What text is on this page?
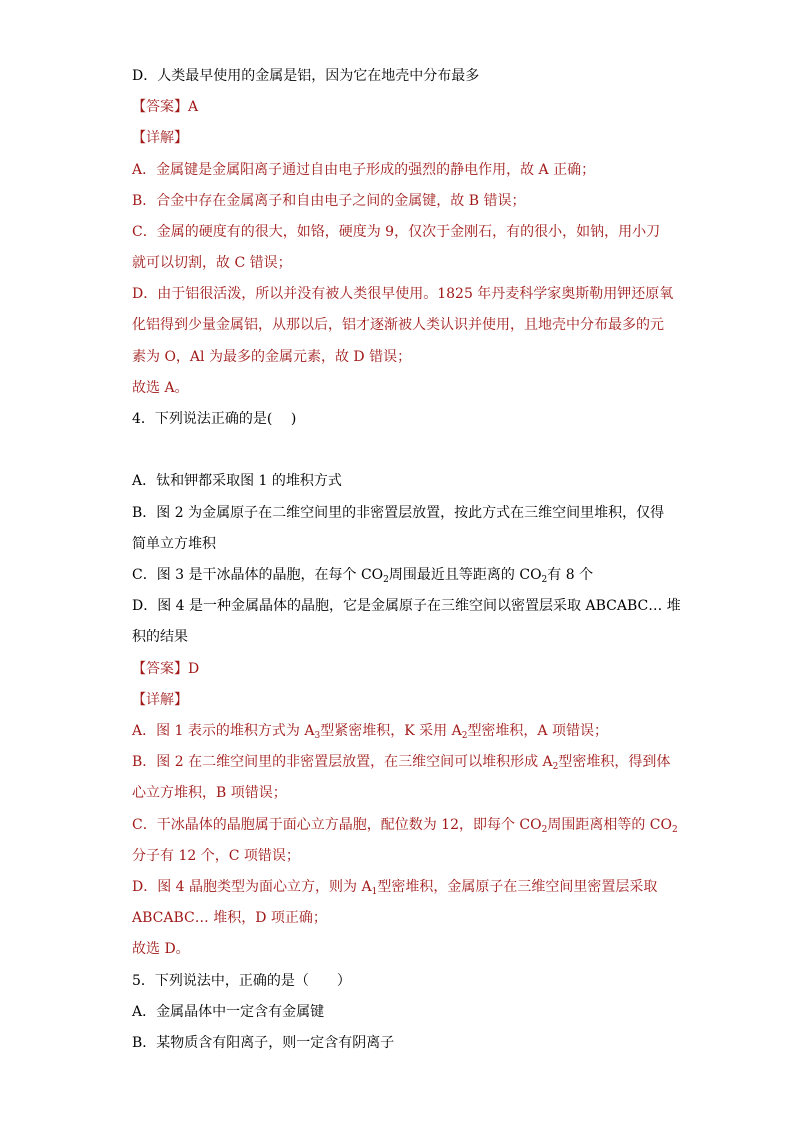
D．人类最早使用的金属是铝，因为它在地壳中分布最多
【答案】A
【详解】
A．金属键是金属阳离子通过自由电子形成的强烈的静电作用，故 A 正确；
B．合金中存在金属离子和自由电子之间的金属键，故 B 错误；
C．金属的硬度有的很大，如铬，硬度为 9，仅次于金刚石，有的很小，如钠，用小刀
就可以切割，故 C 错误；
D．由于铝很活泼，所以并没有被人类很早使用。1825 年丹麦科学家奥斯勒用钾还原氧
化铝得到少量金属铝，从那以后，铝才逐渐被人类认识并使用，且地壳中分布最多的元
素为 O，Al 为最多的金属元素，故 D 错误；
故选 A。
4．下列说法正确的是(　 )
A．钛和钾都采取图 1 的堆积方式
B．图 2 为金属原子在二维空间里的非密置层放置，按此方式在三维空间里堆积，仅得
简单立方堆积
C．图 3 是干冰晶体的晶胞，在每个 $CO_2$周围最近且等距离的 $CO_2$有 8 个
D．图 4 是一种金属晶体的晶胞，它是金属原子在三维空间以密置层采取 ABCABC… 堆
积的结果
【答案】D
【详解】
A．图 1 表示的堆积方式为 $A_3$型紧密堆积，K 采用 $A_2$型密堆积，A 项错误；
B．图 2 在二维空间里的非密置层放置，在三维空间可以堆积形成 $A_2$型密堆积，得到体
心立方堆积，B 项错误；
C．干冰晶体的晶胞属于面心立方晶胞，配位数为 12，即每个 $CO_2$周围距离相等的 $CO_2$
分子有 12 个，C 项错误；
D．图 4 晶胞类型为面心立方，则为 $A_1$型密堆积，金属原子在三维空间里密置层采取
ABCABC… 堆积，D 项正确；
故选 D。
5．下列说法中，正确的是（　　）
A．金属晶体中一定含有金属键
B．某物质含有阳离子，则一定含有阴离子
